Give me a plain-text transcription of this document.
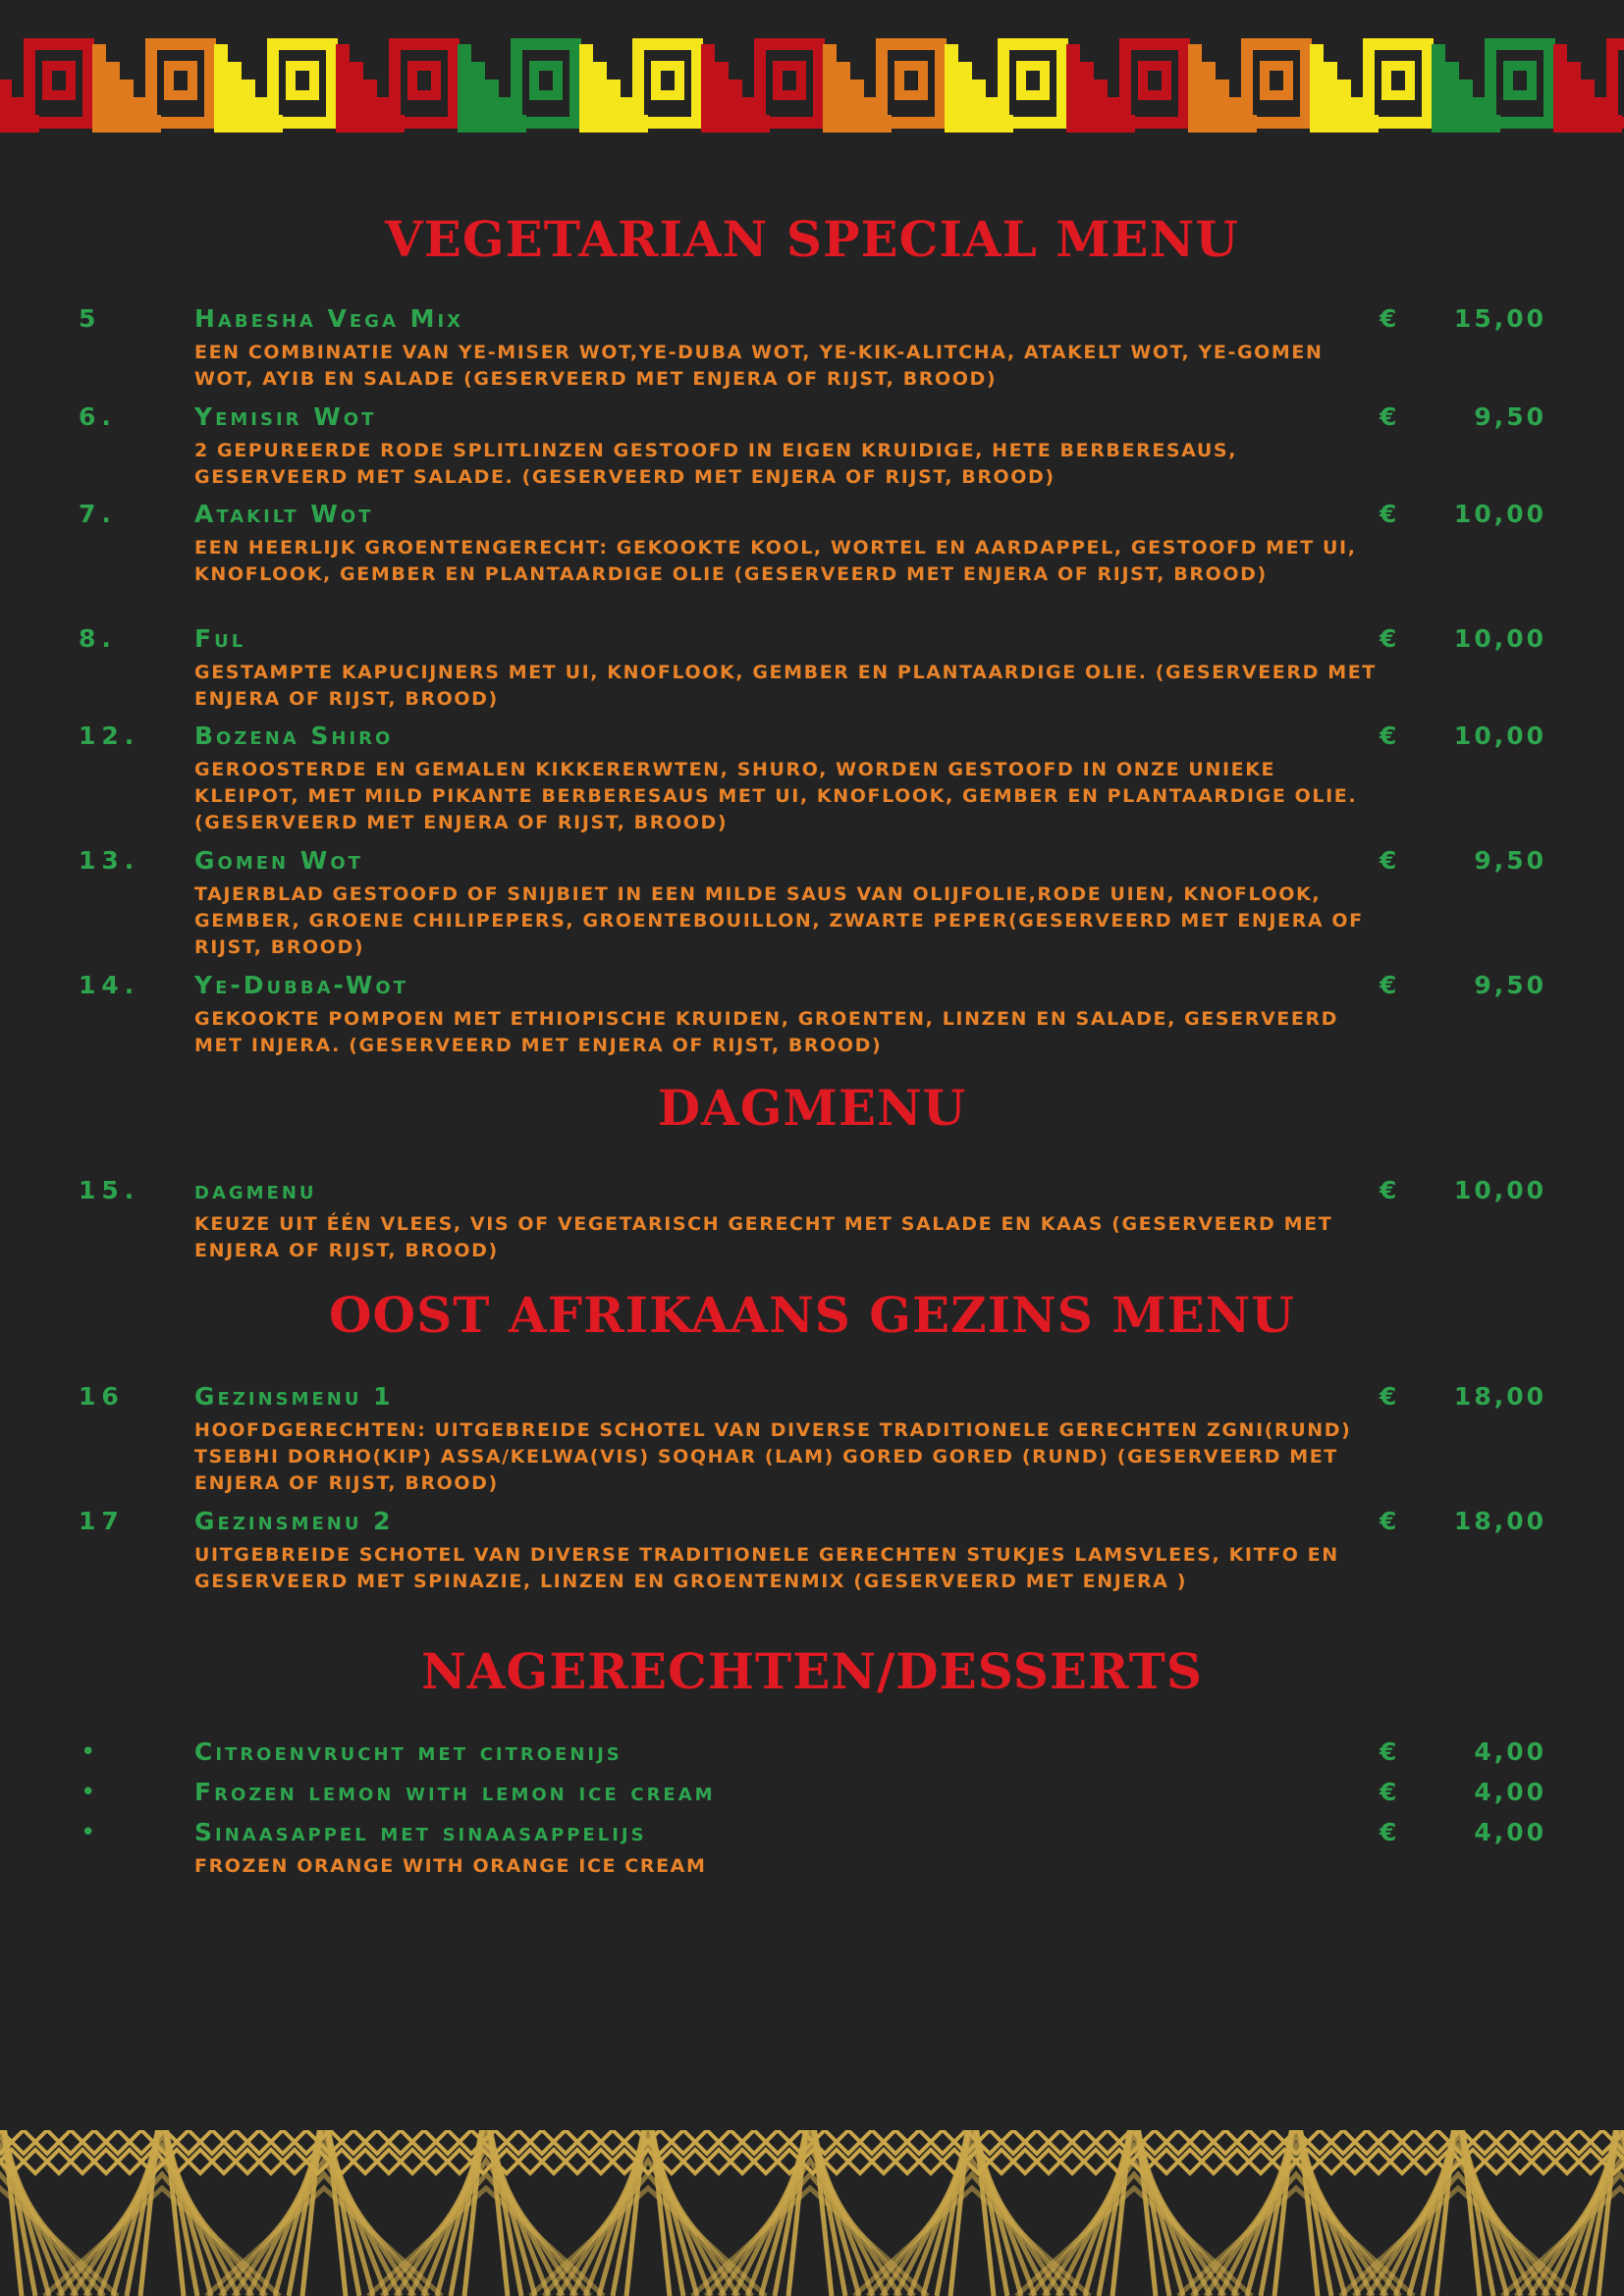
VEGETARIAN SPECIAL MENU
5	Habesha Vega Mix	€ 15,00

EEN COMBINATIE VAN YE-MISER WOT,YE-DUBA WOT, YE-KIK-ALITCHA, ATAKELT WOT, YE-GOMEN WOT, AYIB EN SALADE (GESERVEERD MET ENJERA OF RIJST, BROOD)

6.	Yemisir Wot	€	9,50

2 GEPUREERDE RODE SPLITLINZEN GESTOOFD IN EIGEN KRUIDIGE, HETE BERBERESAUS, GESERVEERD MET SALADE. (GESERVEERD MET ENJERA OF RIJST, BROOD)

7.	Atakilt Wot	€ 10,00

EEN HEERLIJK GROENTENGERECHT: GEKOOKTE KOOL, WORTEL EN AARDAPPEL, GESTOOFD MET UI, KNOFLOOK, GEMBER EN PLANTAARDIGE OLIE (GESERVEERD MET ENJERA OF RIJST, BROOD)

8.	Ful	€ 10,00

GESTAMPTE KAPUCIJNERS MET UI, KNOFLOOK, GEMBER EN PLANTAARDIGE OLIE. (GESERVEERD MET ENJERA OF RIJST, BROOD)

12. Bozena Shiro	€ 10,00

GEROOSTERDE EN GEMALEN KIKKERERWTEN, SHURO, WORDEN GESTOOFD IN ONZE UNIEKE KLEIPOT, MET MILD PIKANTE BERBERESAUS MET UI, KNOFLOOK, GEMBER EN PLANTAARDIGE OLIE.(GESERVEERD MET ENJERA OF RIJST, BROOD)

13. Gomen Wot	€	9,50

TAJERBLAD GESTOOFD OF SNIJBIET IN EEN MILDE SAUS VAN OLIJFOLIE,RODE UIEN, KNOFLOOK, GEMBER, GROENE CHILIPEPERS, GROENTEBOUILLON, ZWARTE PEPER(GESERVEERD MET ENJERA OF RIJST, BROOD)

14. Ye-Dubba-Wot	€	9,50

GEKOOKTE POMPOEN MET ETHIOPISCHE KRUIDEN, GROENTEN, LINZEN EN SALADE, GESERVEERD MET INJERA. (GESERVEERD MET ENJERA OF RIJST, BROOD)

DAGMENU
15. dagmenu	€ 10,00

KEUZE UIT ÉÉN VLEES, VIS OF VEGETARISCH GERECHT MET SALADE EN KAAS (GESERVEERD MET ENJERA OF RIJST, BROOD)

OOST AFRIKAANS GEZINS MENU
16	Gezinsmenu 1	€ 18,00

HOOFDGERECHTEN: UITGEBREIDE SCHOTEL VAN DIVERSE TRADITIONELE GERECHTEN ZGNI(RUND) TSEBHI DORHO(KIP) ASSA/KELWA(VIS) SOQHAR (LAM) GORED GORED (RUND) (GESERVEERD MET ENJERA OF RIJST, BROOD)

17	Gezinsmenu 2	€ 18,00

UITGEBREIDE SCHOTEL VAN DIVERSE TRADITIONELE GERECHTEN STUKJES LAMSVLEES, KITFO EN GESERVEERD MET SPINAZIE, LINZEN EN GROENTENMIX (GESERVEERD MET ENJERA )

NAGERECHTEN/DESSERTS
•	Citroenvrucht met citroenijs	€	4,00
•	Frozen lemon with lemon ice cream	€	4,00
•	Sinaasappel met sinaasappelijs	€	4,00

FROZEN ORANGE WITH ORANGE ICE CREAM
